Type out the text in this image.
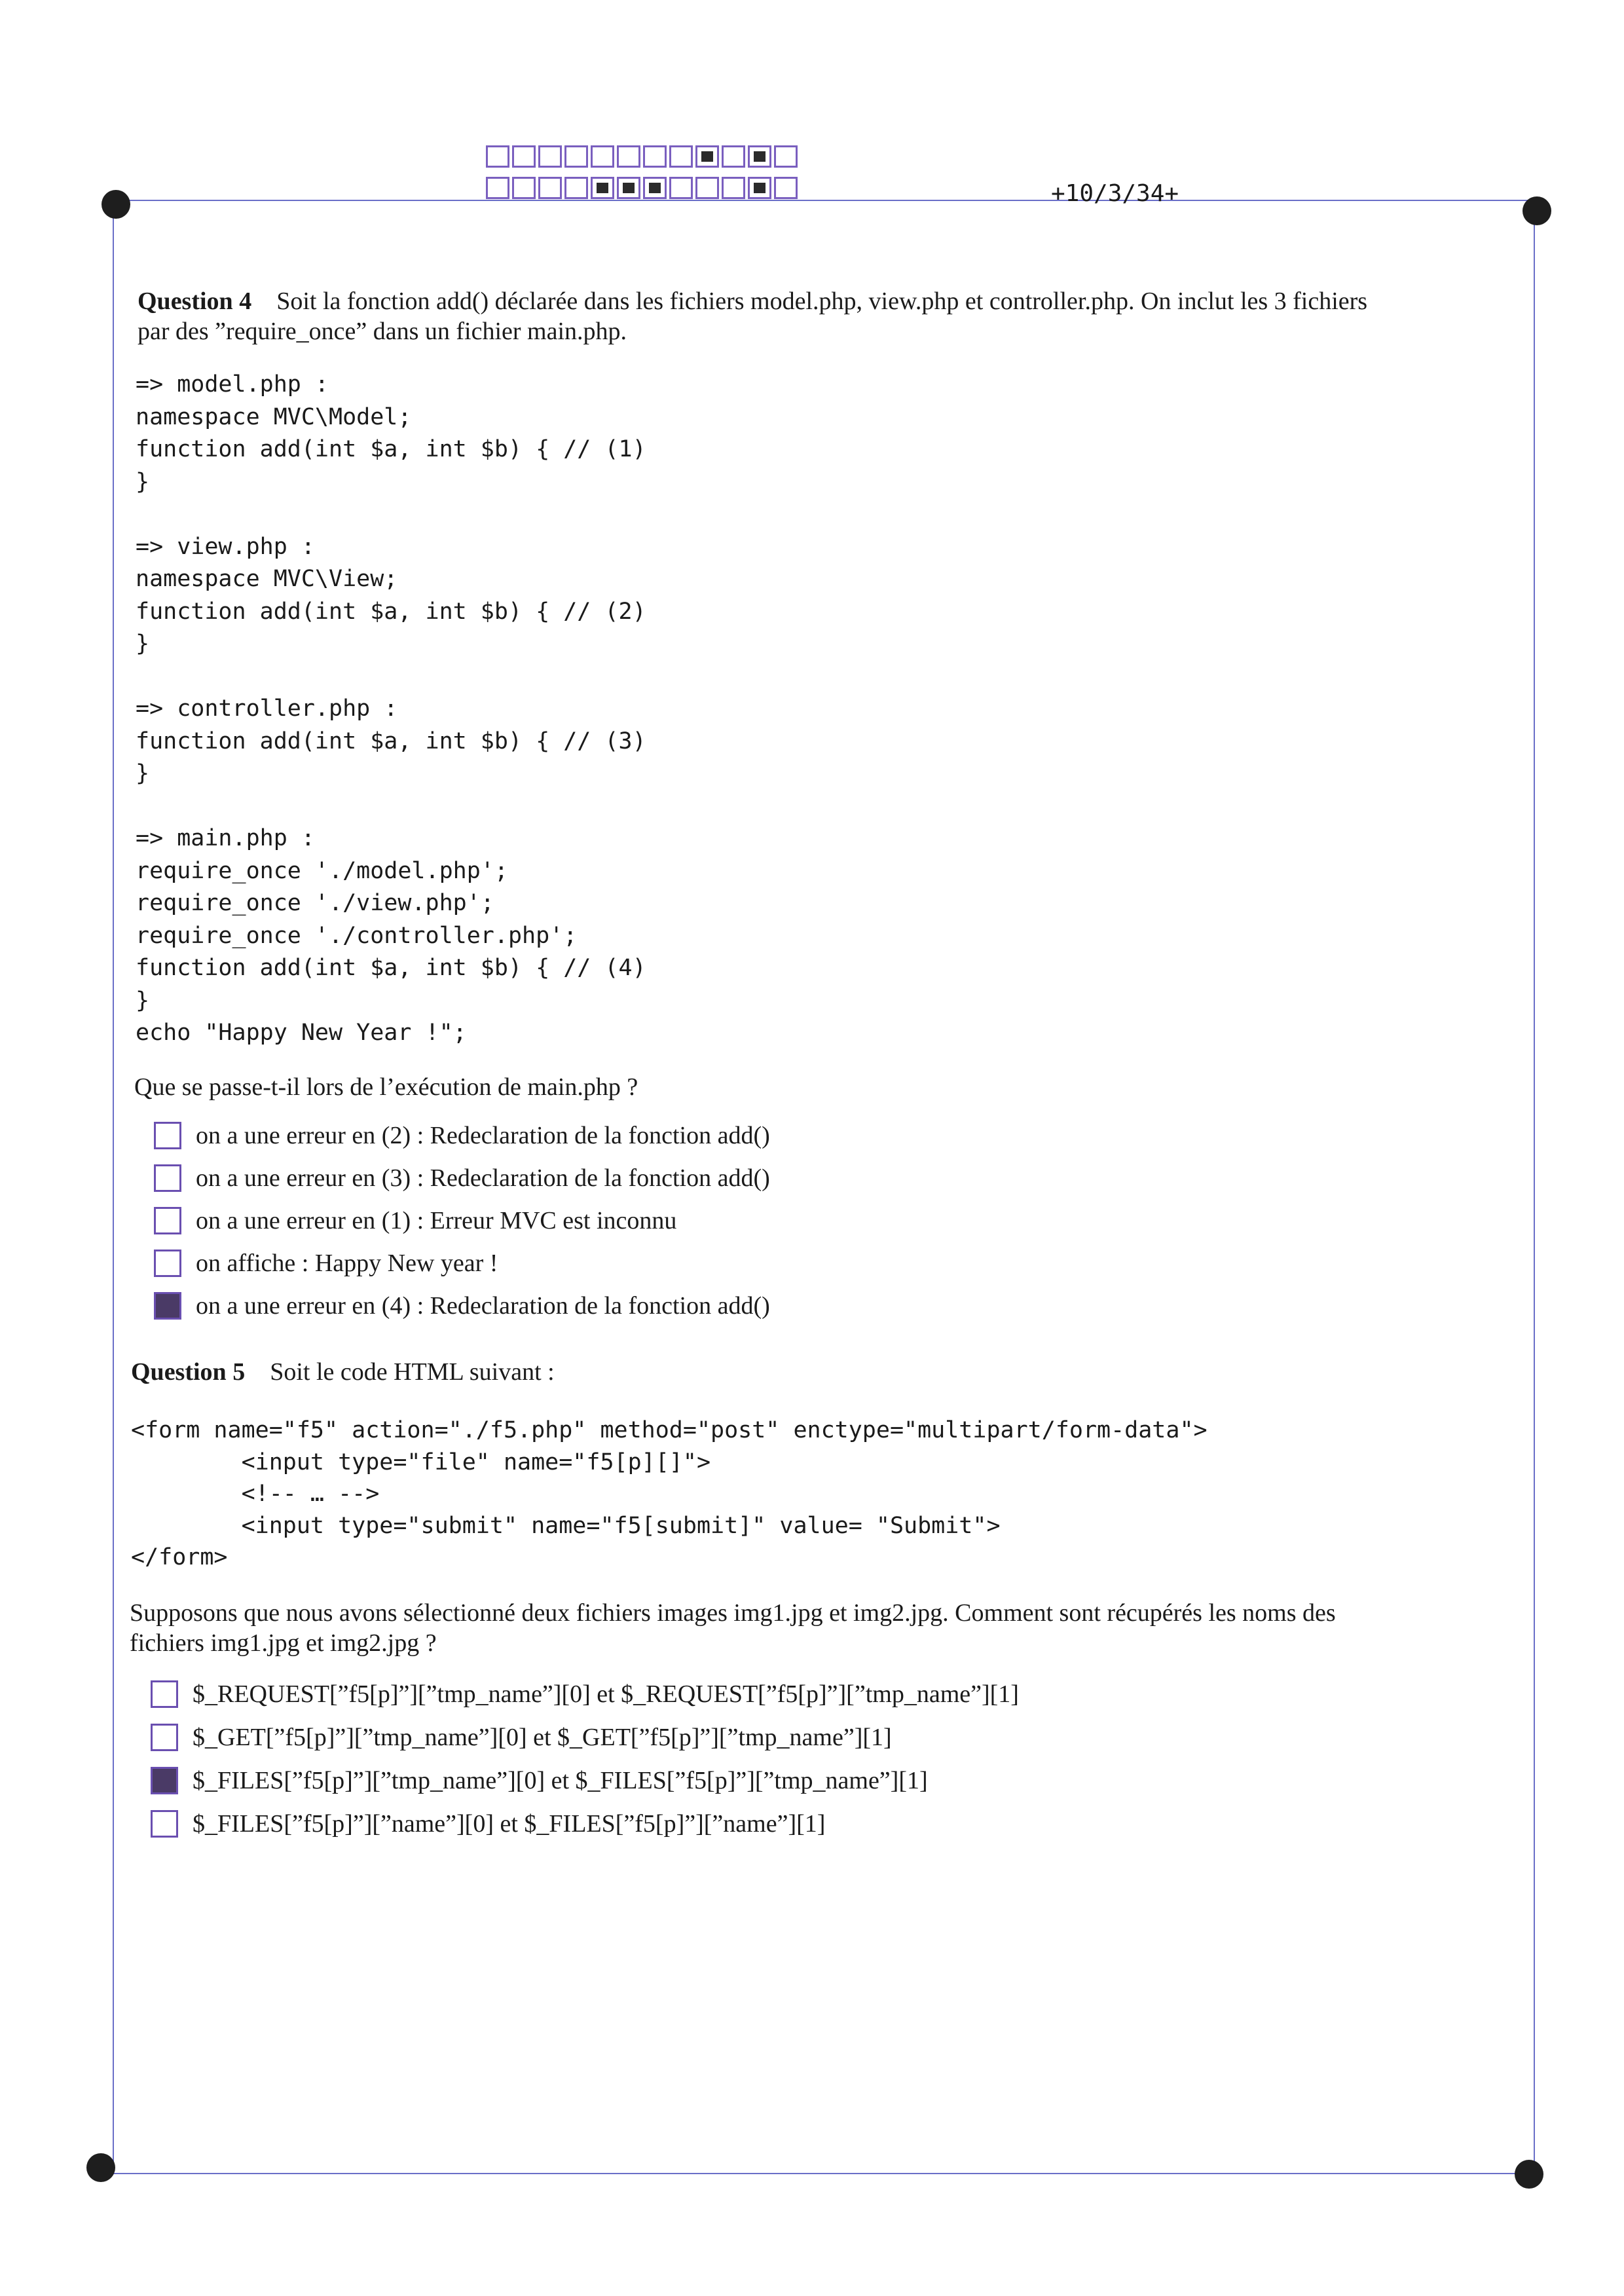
+10/3/34+
Question 4 Soit la fonction add() déclarée dans les fichiers model.php, view.php et controller.php. On inclut les 3 fichiers
par des ”require_once” dans un fichier main.php.
=> model.php :
namespace MVC\Model;
function add(int $a, int $b) { // (1)
}

=> view.php :
namespace MVC\View;
function add(int $a, int $b) { // (2)
}

=> controller.php :
function add(int $a, int $b) { // (3)
}

=> main.php :
require_once './model.php';
require_once './view.php';
require_once './controller.php';
function add(int $a, int $b) { // (4)
}
echo "Happy New Year !";
Que se passe-t-il lors de l’exécution de main.php ?
on a une erreur en (2) : Redeclaration de la fonction add()
on a une erreur en (3) : Redeclaration de la fonction add()
on a une erreur en (1) : Erreur MVC est inconnu
on affiche : Happy New year !
on a une erreur en (4) : Redeclaration de la fonction add()
Question 5 Soit le code HTML suivant :
<form name="f5" action="./f5.php" method="post" enctype="multipart/form-data">
<input type="file" name="f5[p][]">
<!-- … -->
<input type="submit" name="f5[submit]" value= "Submit">
</form>
Supposons que nous avons sélectionné deux fichiers images img1.jpg et img2.jpg. Comment sont récupérés les noms des
fichiers img1.jpg et img2.jpg ?
$_REQUEST[”f5[p]”][”tmp_name”][0] et $_REQUEST[”f5[p]”][”tmp_name”][1]
$_GET[”f5[p]”][”tmp_name”][0] et $_GET[”f5[p]”][”tmp_name”][1]
$_FILES[”f5[p]”][”tmp_name”][0] et $_FILES[”f5[p]”][”tmp_name”][1]
$_FILES[”f5[p]”][”name”][0] et $_FILES[”f5[p]”][”name”][1]
